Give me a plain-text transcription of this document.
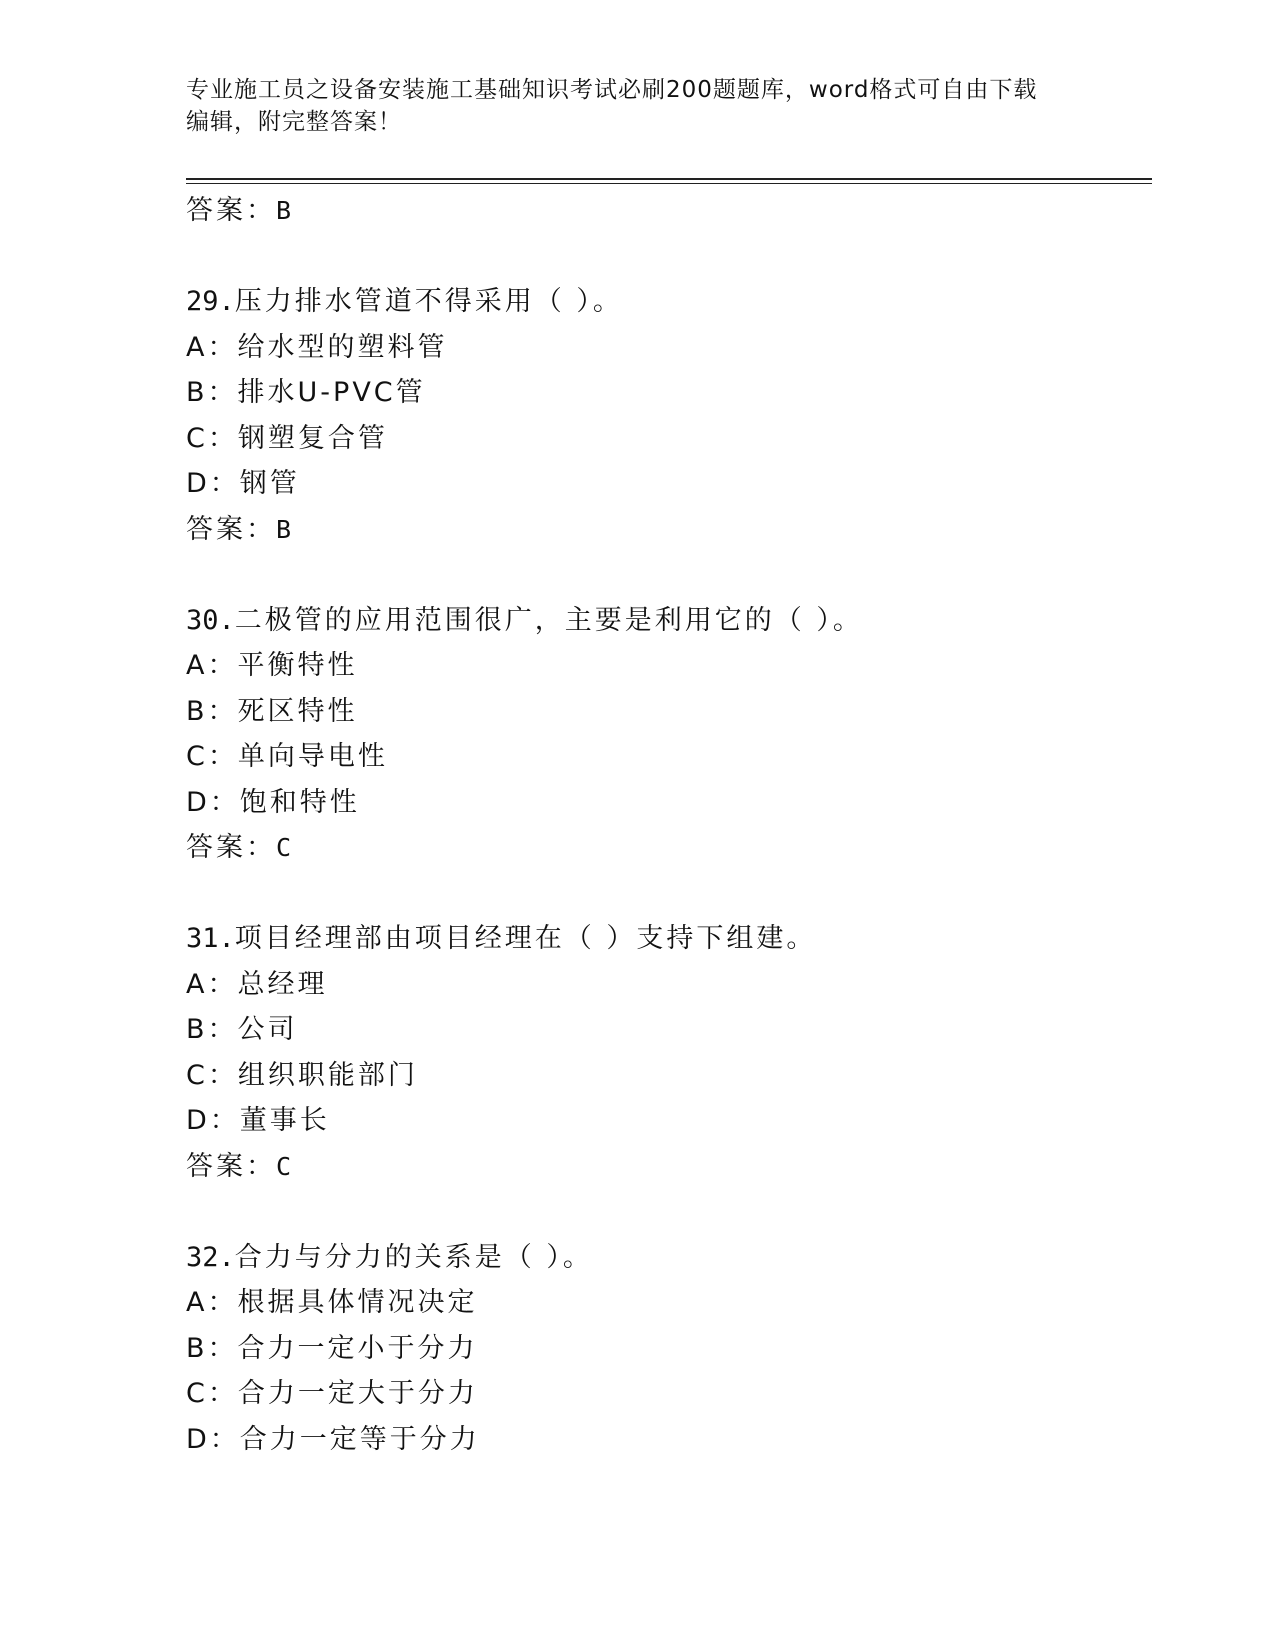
专业施工员之设备安装施工基础知识考试必刷200题题库，word格式可自由下载
编辑，附完整答案！
答案：B
29.压力排水管道不得采用（ ）。
A：给水型的塑料管
B：排水U-PVC管
C：钢塑复合管
D：钢管
答案：B
30.二极管的应用范围很广，主要是利用它的（ ）。
A：平衡特性
B：死区特性
C：单向导电性
D：饱和特性
答案：C
31.项目经理部由项目经理在（ ）支持下组建。
A：总经理
B：公司
C：组织职能部门
D：董事长
答案：C
32.合力与分力的关系是（ ）。
A：根据具体情况决定
B：合力一定小于分力
C：合力一定大于分力
D：合力一定等于分力
